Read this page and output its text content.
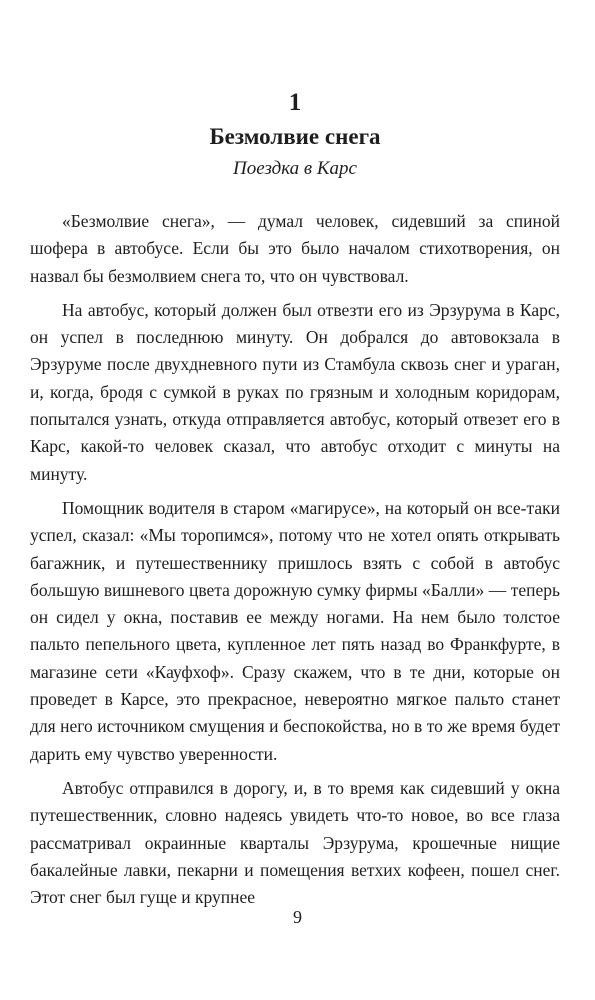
1
Безмолвие снега
Поездка в Карс

«Безмолвие снега», — думал человек, сидевший за спиной шофера в автобусе. Если бы это было началом стихотворения, он назвал бы безмолвием снега то, что он чувствовал.

На автобус, который должен был отвезти его из Эрзурума в Карс, он успел в последнюю минуту. Он добрался до автовокзала в Эрзуруме после двухдневного пути из Стамбула сквозь снег и ураган, и, когда, бродя с сумкой в руках по грязным и холодным коридорам, попытался узнать, откуда отправляется автобус, который отвезет его в Карс, какой-то человек сказал, что автобус отходит с минуты на минуту.

Помощник водителя в старом «магирусе», на который он все-таки успел, сказал: «Мы торопимся», потому что не хотел опять открывать багажник, и путешественнику пришлось взять с собой в автобус большую вишневого цвета дорожную сумку фирмы «Балли» — теперь он сидел у окна, поставив ее между ногами. На нем было толстое пальто пепельного цвета, купленное лет пять назад во Франкфурте, в магазине сети «Кауфхоф». Сразу скажем, что в те дни, которые он проведет в Карсе, это прекрасное, невероятно мягкое пальто станет для него источником смущения и беспокойства, но в то же время будет дарить ему чувство уверенности.

Автобус отправился в дорогу, и, в то время как сидевший у окна путешественник, словно надеясь увидеть что-то новое, во все глаза рассматривал окраинные кварталы Эрзурума, крошечные нищие бакалейные лавки, пекарни и помещения ветхих кофеен, пошел снег. Этот снег был гуще и крупнее

9
